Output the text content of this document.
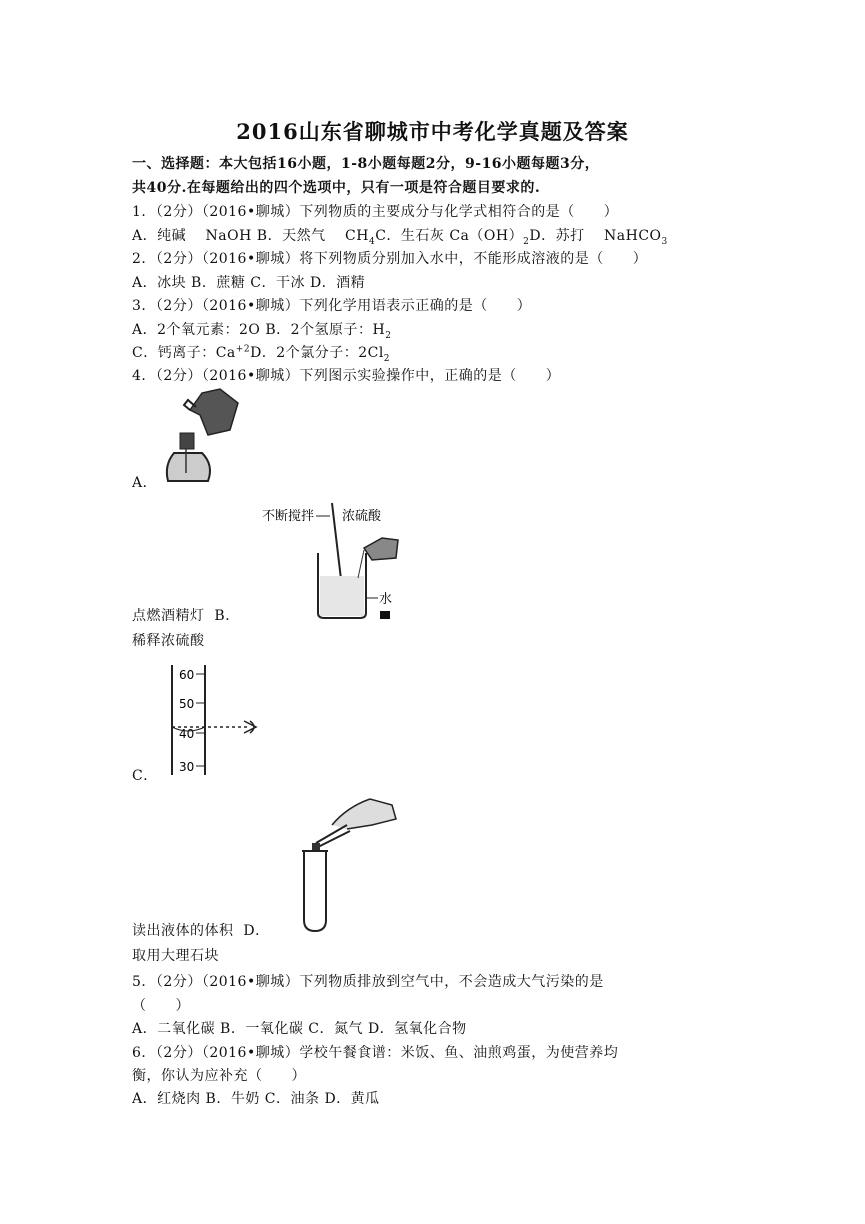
2016山东省聊城市中考化学真题及答案
一、选择题：本大包括16小题，1-8小题每题2分，9-16小题每题3分，
共40分.在每题给出的四个选项中，只有一项是符合题目要求的.
1．（2分）（2016•聊城）下列物质的主要成分与化学式相符合的是（　　）
A．纯碱　 NaOH B．天然气　 $CH_4C$．生石灰 $Ca(OH)_2D$．苏打　 NaHCO$_3$
2．（2分）（2016•聊城）将下列物质分别加入水中，不能形成溶液的是（　　）
A．冰块 B．蔗糖 C．干冰 D．酒精
3．（2分）（2016•聊城）下列化学用语表示正确的是（　　）
A．2个氧元素：2O B．2个氢原子：$H_2$
C．钙离子：$Ca^{+2}D$．2个氯分子：$2Cl_2$
4．（2分）（2016•聊城）下列图示实验操作中，正确的是（　　）
A．
不断搅拌 浓硫酸
水
点燃酒精灯 B．
稀释浓硫酸
60
50
40
30
C．
读出液体的体积 D．
取用大理石块
5．（2分）（2016•聊城）下列物质排放到空气中，不会造成大气污染的是
（　　）
A．二氧化碳 B．一氧化碳 C．氮气 D．氢氧化合物
6．（2分）（2016•聊城）学校午餐食谱：米饭、鱼、油煎鸡蛋，为使营养均
衡，你认为应补充（　　）
A．红烧肉 B．牛奶 C．油条 D．黄瓜
